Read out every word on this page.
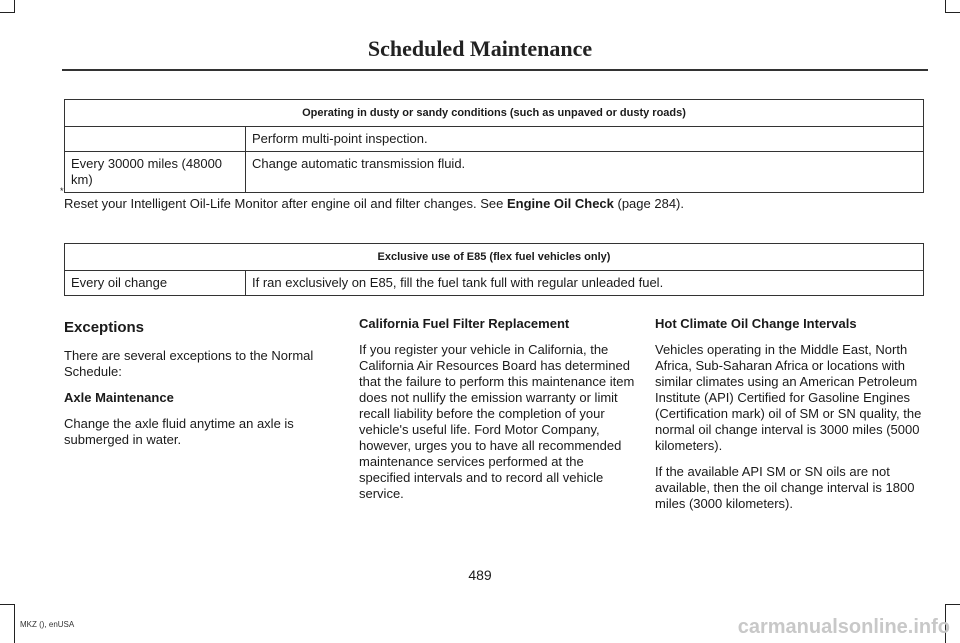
Scheduled Maintenance
Operating in dusty or sandy conditions (such as unpaved or dusty roads)	
	Perform multi-point inspection.
Every 30000 miles (48000 km)	Change automatic transmission fluid.
*
Reset your Intelligent Oil-Life Monitor after engine oil and filter changes. See Engine Oil Check (page 284).
Exclusive use of E85 (flex fuel vehicles only)
Every oil change	If ran exclusively on E85, fill the fuel tank full with regular unleaded fuel.
Exceptions

There are several exceptions to the Normal Schedule:

Axle Maintenance

Change the axle fluid anytime an axle is submerged in water.

California Fuel Filter Replacement

If you register your vehicle in California, the California Air Resources Board has determined that the failure to perform this maintenance item does not nullify the emission warranty or limit recall liability before the completion of your vehicle's useful life. Ford Motor Company, however, urges you to have all recommended maintenance services performed at the specified intervals and to record all vehicle service.

Hot Climate Oil Change Intervals

Vehicles operating in the Middle East, North Africa, Sub-Saharan Africa or locations with similar climates using an American Petroleum Institute (API) Certified for Gasoline Engines (Certification mark) oil of SM or SN quality, the normal oil change interval is 3000 miles (5000 kilometers).

If the available API SM or SN oils are not available, then the oil change interval is 1800 miles (3000 kilometers).

489
MKZ (), enUSA	carmanualsonline.info
